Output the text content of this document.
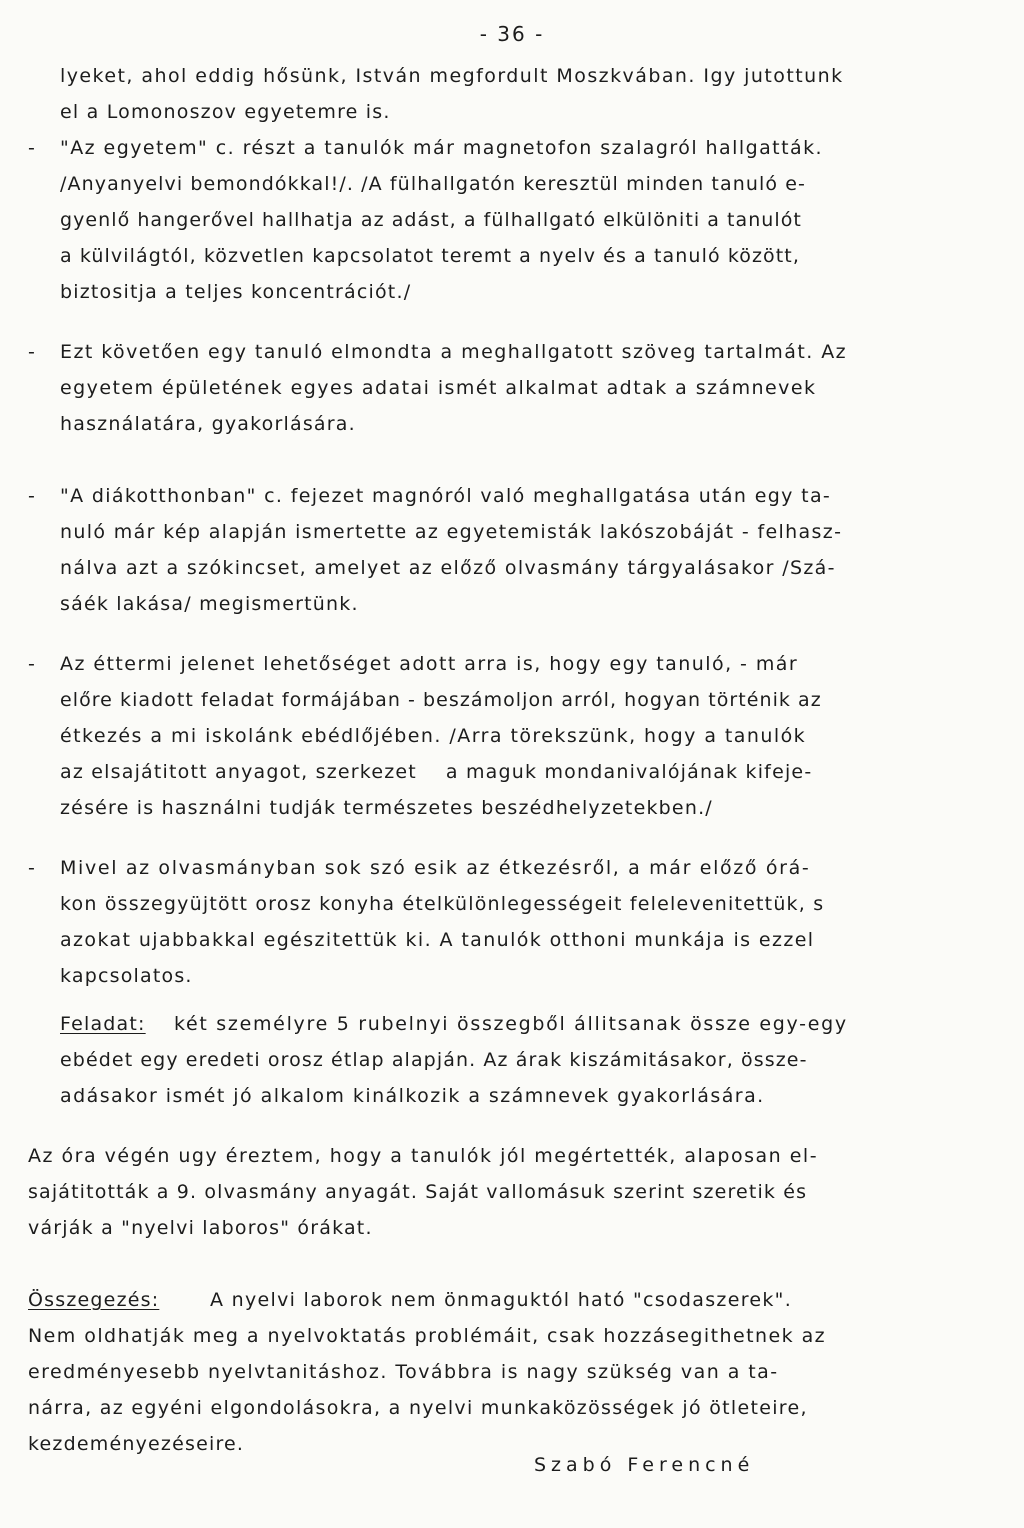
- 36 -
lyeket, ahol eddig hősünk, István megfordult Moszkvában. Igy jutottunk
el a Lomonoszov egyetemre is.
- "Az egyetem" c. részt a tanulók már magnetofon szalagról hallgatták.
/Anyanyelvi bemondókkal!/. /A fülhallgatón keresztül minden tanuló e-
gyenlő hangerővel hallhatja az adást, a fülhallgató elkülöniti a tanulót
a külvilágtól, közvetlen kapcsolatot teremt a nyelv és a tanuló között,
biztositja a teljes koncentrációt./
- Ezt követően egy tanuló elmondta a meghallgatott szöveg tartalmát. Az
egyetem épületének egyes adatai ismét alkalmat adtak a számnevek
használatára, gyakorlására.
- "A diákotthonban" c. fejezet magnóról való meghallgatása után egy ta-
nuló már kép alapján ismertette az egyetemisták lakószobáját - felhasz-
nálva azt a szókincset, amelyet az előző olvasmány tárgyalásakor /Szá-
sáék lakása/ megismertünk.
- Az éttermi jelenet lehetőséget adott arra is, hogy egy tanuló, - már
előre kiadott feladat formájában - beszámoljon arról, hogyan történik az
étkezés a mi iskolánk ebédlőjében. /Arra törekszünk, hogy a tanulók
az elsajátitott anyagot, szerkezet    a maguk mondanivalójának kifeje-
zésére is használni tudják természetes beszédhelyzetekben./
- Mivel az olvasmányban sok szó esik az étkezésről, a már előző órá-
kon összegyüjtött orosz konyha ételkülönlegességeit felelevenitettük, s
azokat ujabbakkal egészitettük ki. A tanulók otthoni munkája is ezzel
kapcsolatos.
Feladat: két személyre 5 rubelnyi összegből állitsanak össze egy-egy
ebédet egy eredeti orosz étlap alapján. Az árak kiszámitásakor, össze-
adásakor ismét jó alkalom kinálkozik a számnevek gyakorlására.
Az óra végén ugy éreztem, hogy a tanulók jól megértették, alaposan el-
sajátitották a 9. olvasmány anyagát. Saját vallomásuk szerint szeretik és
várják a "nyelvi laboros" órákat.
Összegezés:	A nyelvi laborok nem önmaguktól ható "csodaszerek".
Nem oldhatják meg a nyelvoktatás problémáit, csak hozzásegithetnek az
eredményesebb nyelvtanitáshoz. Továbbra is nagy szükség van a ta-
nárra, az egyéni elgondolásokra, a nyelvi munkaközösségek jó ötleteire,
kezdeményezéseire.
Szabó Ferencné
